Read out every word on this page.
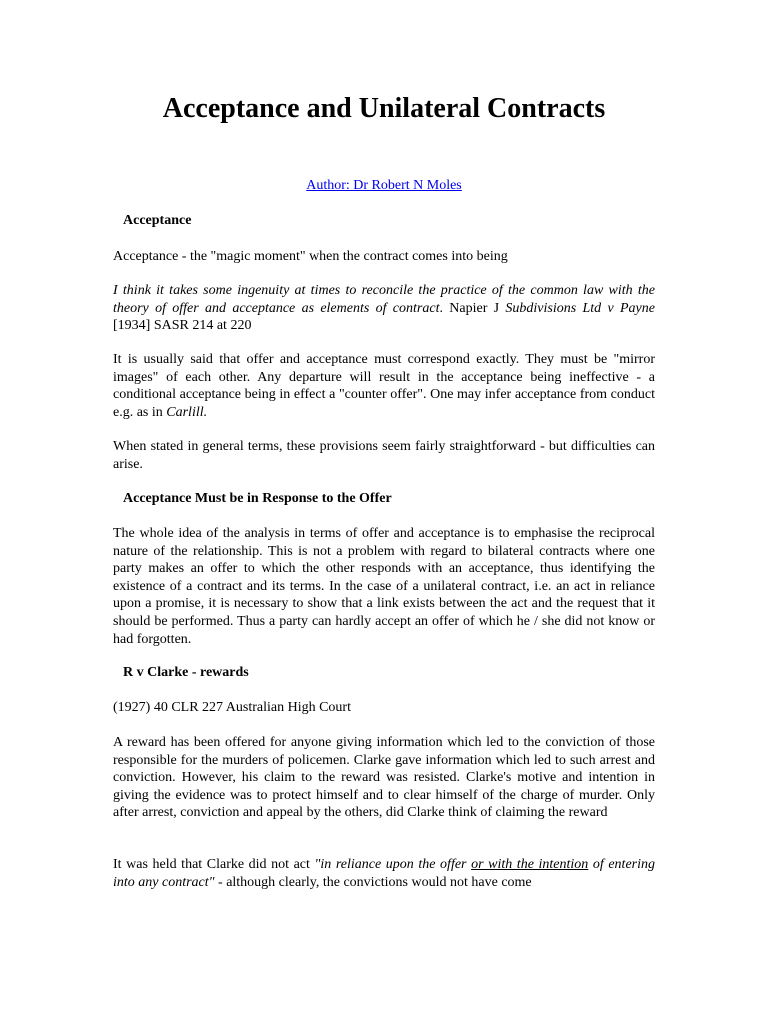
Acceptance and Unilateral Contracts
Author: Dr Robert N Moles
Acceptance

Acceptance - the "magic moment" when the contract comes into being

I think it takes some ingenuity at times to reconcile the practice of the common law with the theory of offer and acceptance as elements of contract. Napier J Subdivisions Ltd v Payne [1934] SASR 214 at 220

It is usually said that offer and acceptance must correspond exactly. They must be "mirror images" of each other. Any departure will result in the acceptance being ineffective - a conditional acceptance being in effect a "counter offer". One may infer acceptance from conduct e.g. as in Carlill.

When stated in general terms, these provisions seem fairly straightforward - but difficulties can arise.

Acceptance Must be in Response to the Offer

The whole idea of the analysis in terms of offer and acceptance is to emphasise the reciprocal nature of the relationship. This is not a problem with regard to bilateral contracts where one party makes an offer to which the other responds with an acceptance, thus identifying the existence of a contract and its terms. In the case of a unilateral contract, i.e. an act in reliance upon a promise, it is necessary to show that a link exists between the act and the request that it should be performed. Thus a party can hardly accept an offer of which he / she did not know or had forgotten.

R v Clarke - rewards

(1927) 40 CLR 227 Australian High Court

A reward has been offered for anyone giving information which led to the conviction of those responsible for the murders of policemen. Clarke gave information which led to such arrest and conviction. However, his claim to the reward was resisted. Clarke's motive and intention in giving the evidence was to protect himself and to clear himself of the charge of murder. Only after arrest, conviction and appeal by the others, did Clarke think of claiming the reward

It was held that Clarke did not act "in reliance upon the offer or with the intention of entering into any contract" - although clearly, the convictions would not have come
